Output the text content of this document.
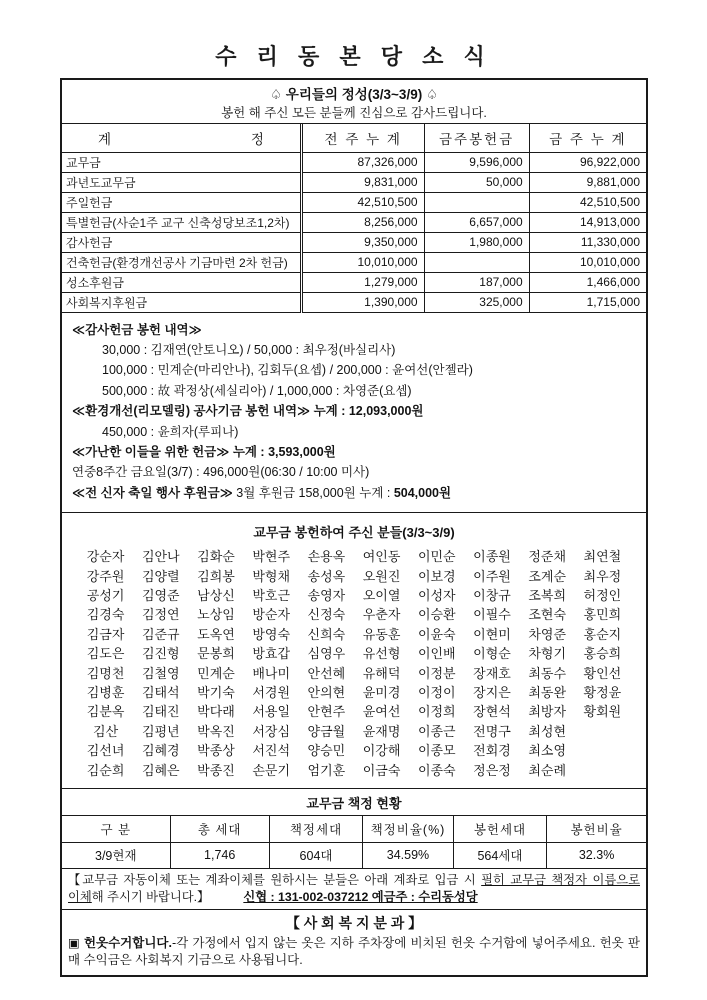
수 리 동 본 당 소 식
♤ 우리들의 정성(3/3~3/9) ♤
봉헌 해 주신 모든 분들께 진심으로 감사드립니다.
계 정	전 주 누 계	금주봉헌금	금 주 누 계
교무금	87,326,000	9,596,000	96,922,000
과년도교무금	9,831,000	50,000	9,881,000
주일헌금	42,510,500		42,510,500
특별헌금(사순1주 교구 신축성당보조1,2차)	8,256,000	6,657,000	14,913,000
감사헌금	9,350,000	1,980,000	11,330,000
건축헌금(환경개선공사 기금마련 2차 헌금)	10,010,000		10,010,000
성소후원금	1,279,000	187,000	1,466,000
사회복지후원금	1,390,000	325,000	1,715,000
≪감사헌금 봉헌 내역≫
30,000 : 김재연(안토니오) / 50,000 : 최우정(바실리사)
100,000 : 민계순(마리안나), 김회두(요셉) / 200,000 : 윤여선(안젤라)
500,000 : 故 곽정상(세실리아) / 1,000,000 : 차영준(요셉)
≪환경개선(리모델링) 공사기금 봉헌 내역≫ 누계 : 12,093,000원
450,000 : 윤희자(루피나)
≪가난한 이들을 위한 헌금≫ 누계 : 3,593,000원
연중8주간 금요일(3/7) : 496,000원(06:30 / 10:00 미사)
≪전 신자 축일 행사 후원금≫ 3월 후원금 158,000원 누계 : 504,000원
교무금 봉헌하여 주신 분들(3/3~3/9)
강순자	김안나	김화순	박현주	손용옥	여인동	이민순	이종원	정준채	최연철
강주원	김양렬	김희봉	박형채	송성옥	오원진	이보경	이주원	조계순	최우정
공성기	김영준	남상신	박호근	송영자	오이열	이성자	이창규	조복희	허정인
김경숙	김정연	노상임	방순자	신정숙	우춘자	이승환	이필수	조현숙	홍민희
김금자	김준규	도옥연	방영숙	신희숙	유동훈	이윤숙	이현미	차영준	홍순지
김도은	김진형	문봉희	방효갑	심영우	유선형	이인배	이형순	차형기	홍승희
김명천	김철영	민계순	배나미	안선혜	유해덕	이정분	장재호	최동수	황인선
김병훈	김태석	박기숙	서경원	안의현	윤미경	이정이	장지은	최동완	황정윤
김분옥	김태진	박다래	서용일	안현주	윤여선	이정희	장현석	최방자	황회원
김산	김평년	박옥진	서장심	양금월	윤재명	이종근	전명구	최성현
김선녀	김혜경	박종상	서진석	양승민	이강해	이종모	전회경	최소영
김순희	김혜은	박종진	손문기	엄기훈	이금숙	이종숙	정은정	최순례
교무금 책정 현황
구 분	총 세대	책정세대	책정비율(%)	봉헌세대	봉헌비율
3/9현재	1,746	604대	34.59%	564세대	32.3%
【교무금 자동이체 또는 계좌이체를 원하시는 분들은 아래 계좌로 입금 시 필히 교무금 책정자 이름으로
이체해 주시기 바랍니다.】	신협 : 131-002-037212 예금주 : 수리동성당
【 사 회 복 지 분 과 】
▣ 헌옷수거합니다.-각 가정에서 입지 않는 옷은 지하 주차장에 비치된 헌옷 수거함에 넣어주세요. 헌옷 판매 수익금은 사회복지 기금으로 사용됩니다.
